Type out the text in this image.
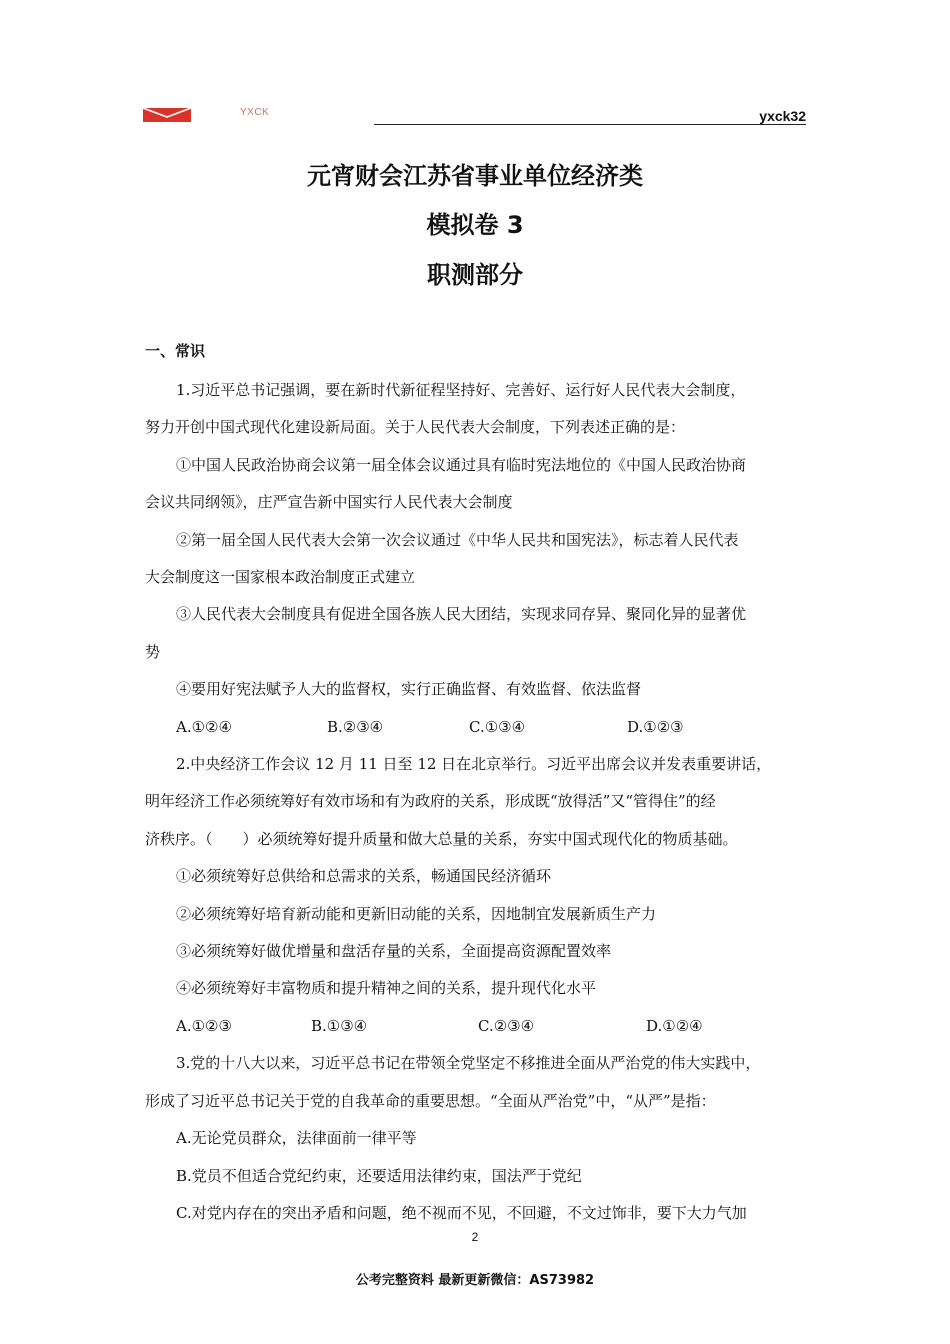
YXCK	yxck32
元宵财会江苏省事业单位经济类
模拟卷 3
职测部分
一、常识

1.习近平总书记强调，要在新时代新征程坚持好、完善好、运行好人民代表大会制度，

努力开创中国式现代化建设新局面。关于人民代表大会制度，下列表述正确的是：

①中国人民政治协商会议第一届全体会议通过具有临时宪法地位的《中国人民政治协商

会议共同纲领》，庄严宣告新中国实行人民代表大会制度

②第一届全国人民代表大会第一次会议通过《中华人民共和国宪法》，标志着人民代表

大会制度这一国家根本政治制度正式建立

③人民代表大会制度具有促进全国各族人民大团结，实现求同存异、聚同化异的显著优

势

④要用好宪法赋予人大的监督权，实行正确监督、有效监督、依法监督

A.①②④	B.②③④	C.①③④	D.①②③

2.中央经济工作会议 12 月 11 日至 12 日在北京举行。习近平出席会议并发表重要讲话，

明年经济工作必须统筹好有效市场和有为政府的关系，形成既“放得活”又“管得住”的经

济秩序。（　　）必须统筹好提升质量和做大总量的关系，夯实中国式现代化的物质基础。

①必须统筹好总供给和总需求的关系，畅通国民经济循环

②必须统筹好培育新动能和更新旧动能的关系，因地制宜发展新质生产力

③必须统筹好做优增量和盘活存量的关系，全面提高资源配置效率

④必须统筹好丰富物质和提升精神之间的关系，提升现代化水平

A.①②③	B.①③④	C.②③④	D.①②④

3.党的十八大以来，习近平总书记在带领全党坚定不移推进全面从严治党的伟大实践中，

形成了习近平总书记关于党的自我革命的重要思想。“全面从严治党”中，“从严”是指：

A.无论党员群众，法律面前一律平等

B.党员不但适合党纪约束，还要适用法律约束，国法严于党纪

C.对党内存在的突出矛盾和问题，绝不视而不见，不回避，不文过饰非，要下大力气加

2
公考完整资料 最新更新微信：AS73982
